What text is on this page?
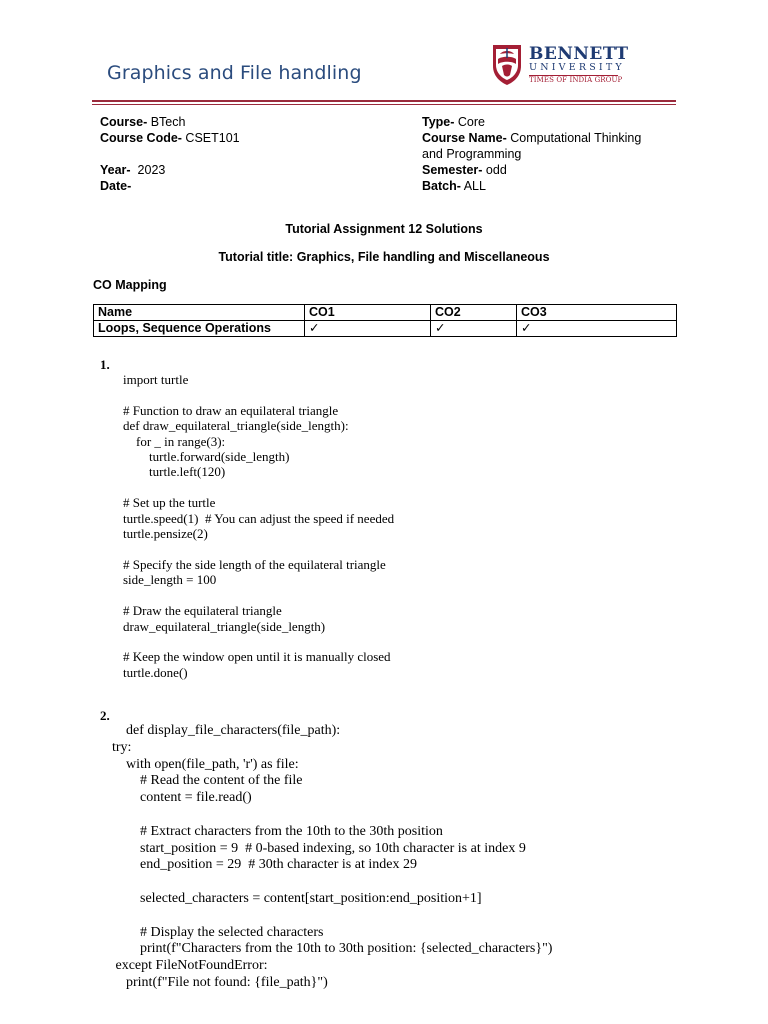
Graphics and File handling
BENNETT
UNIVERSITY
TIMES OF INDIA GROUP
Course- BTech
Course Code- CSET101
Year-  2023
Date-
Type- Core
Course Name- Computational Thinking
and Programming
Semester- odd
Batch- ALL
Tutorial Assignment 12 Solutions
Tutorial title: Graphics, File handling and Miscellaneous
CO Mapping
Name	CO1	CO2	CO3
Loops, Sequence Operations	✓	✓	✓
1.
import turtle

# Function to draw an equilateral triangle
def draw_equilateral_triangle(side_length):
for _ in range(3):
turtle.forward(side_length)
turtle.left(120)

# Set up the turtle
turtle.speed(1)  # You can adjust the speed if needed
turtle.pensize(2)

# Specify the side length of the equilateral triangle
side_length = 100

# Draw the equilateral triangle
draw_equilateral_triangle(side_length)

# Keep the window open until it is manually closed
turtle.done()
2.
def display_file_characters(file_path):
try:
with open(file_path, 'r') as file:
# Read the content of the file
content = file.read()

# Extract characters from the 10th to the 30th position
start_position = 9  # 0-based indexing, so 10th character is at index 9
end_position = 29  # 30th character is at index 29

selected_characters = content[start_position:end_position+1]

# Display the selected characters
print(f"Characters from the 10th to 30th position: {selected_characters}")
except FileNotFoundError:
print(f"File not found: {file_path}")
